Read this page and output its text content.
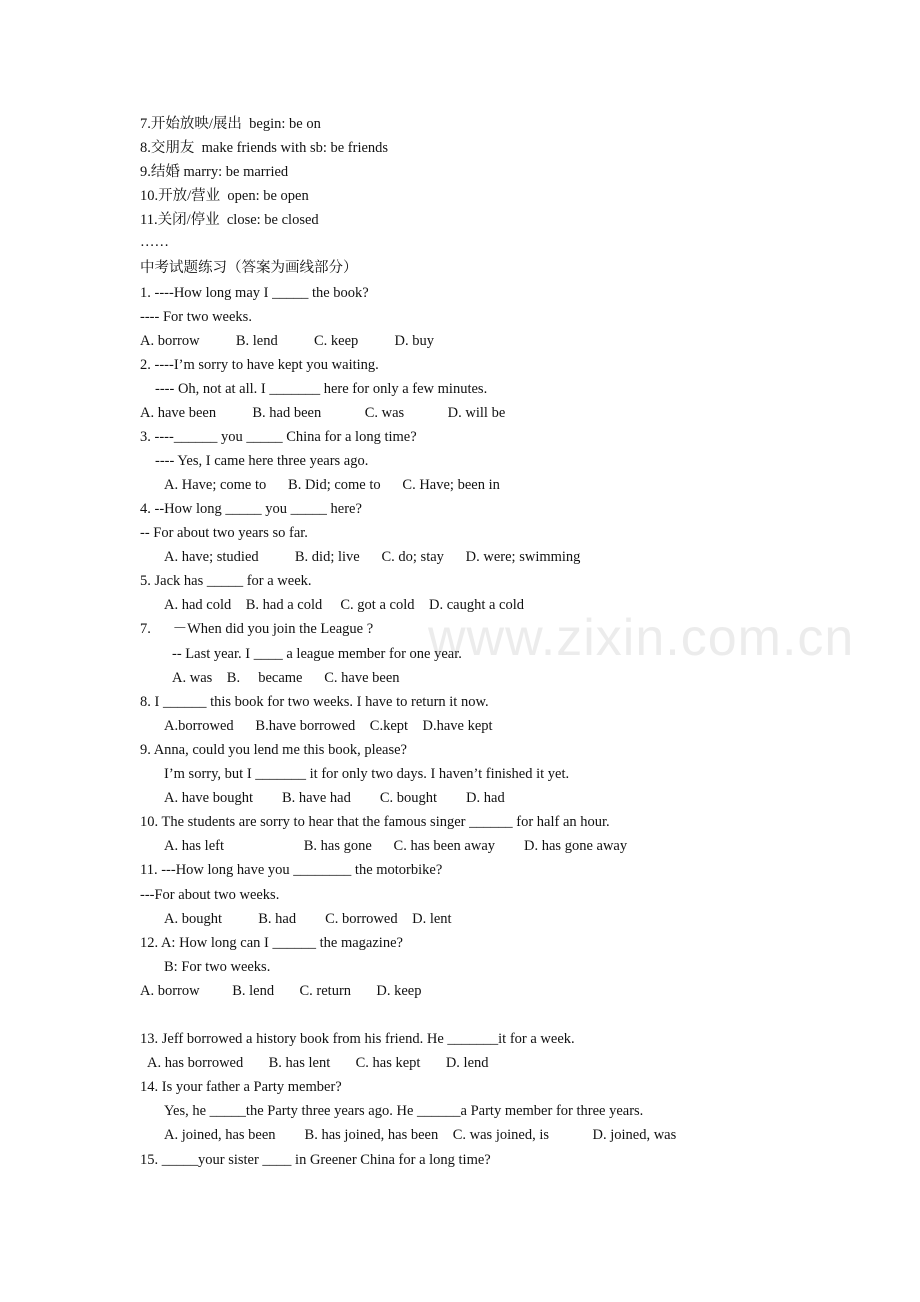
7.开始放映/展出  begin: be on
8.交朋友  make friends with sb: be friends
9.结婚 marry: be married
10.开放/营业  open: be open
11.关闭/停业  close: be closed
……
中考试题练习（答案为画线部分）
1. ----How long may I _____ the book?
---- For two weeks.
A. borrow          B. lend          C. keep          D. buy
2. ----I’m sorry to have kept you waiting.
---- Oh, not at all. I _______ here for only a few minutes.
A. have been          B. had been            C. was            D. will be
3. ----______ you _____ China for a long time?
---- Yes, I came here three years ago.
A. Have; come to      B. Did; come to      C. Have; been in
4. --How long _____ you _____ here?
-- For about two years so far.
A. have; studied          B. did; live      C. do; stay      D. were; swimming
5. Jack has _____ for a week.
A. had cold    B. had a cold     C. got a cold    D. caught a cold
7.      －When did you join the League ?
-- Last year. I ____ a league member for one year.
A. was    B.     became      C. have been
8. I ______ this book for two weeks. I have to return it now.
A.borrowed      B.have borrowed    C.kept    D.have kept
9. Anna, could you lend me this book, please?
I’m sorry, but I _______ it for only two days. I haven’t finished it yet.
A. have bought        B. have had        C. bought        D. had
10. The students are sorry to hear that the famous singer ______ for half an hour.
A. has left                      B. has gone      C. has been away        D. has gone away
11. ---How long have you ________ the motorbike?
---For about two weeks.
A. bought          B. had        C. borrowed    D. lent
12. A: How long can I ______ the magazine?
B: For two weeks.
A. borrow         B. lend       C. return       D. keep
13. Jeff borrowed a history book from his friend. He _______it for a week.
A. has borrowed       B. has lent       C. has kept       D. lend
14. Is your father a Party member?
Yes, he _____the Party three years ago. He ______a Party member for three years.
A. joined, has been        B. has joined, has been    C. was joined, is            D. joined, was
15. _____your sister ____ in Greener China for a long time?
www.zixin.com.cn
